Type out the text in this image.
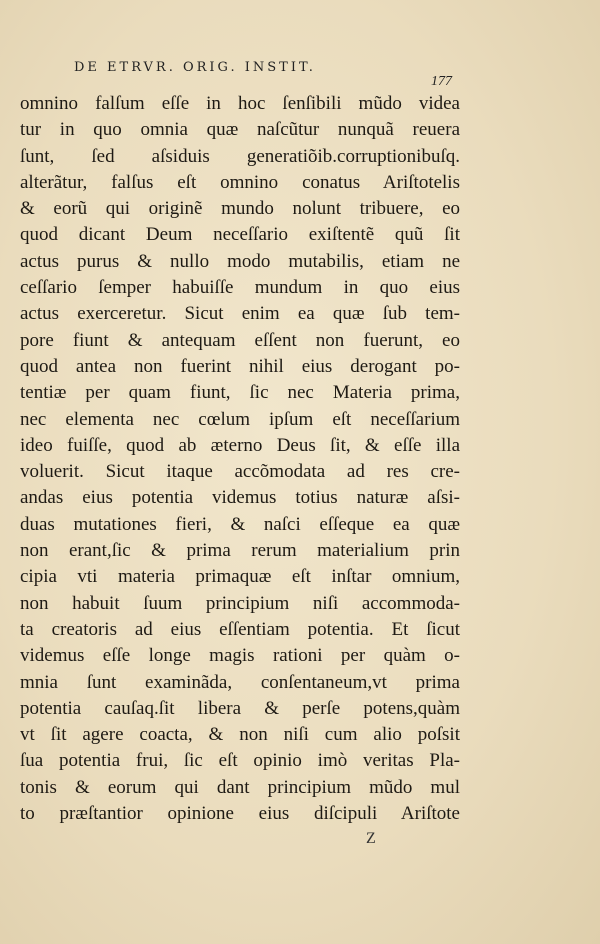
DE ETRVR. ORIG. INSTIT.
177
omnino falſum eſſe in hoc ſenſibili mũdo videa
tur in quo omnia quæ naſcũtur nunquã reuera
ſunt, ſed aſsiduis generatiõib.corruptionibuſq.
alterãtur, falſus eſt omnino conatus Ariſtotelis
& eorũ qui originẽ mundo nolunt tribuere, eo
quod dicant Deum neceſſario exiſtentẽ quũ ſit
actus purus & nullo modo mutabilis, etiam ne
ceſſario ſemper habuiſſe mundum in quo eius
actus exerceretur. Sicut enim ea quæ ſub tem-
pore fiunt & antequam eſſent non fuerunt, eo
quod antea non fuerint nihil eius derogant po-
tentiæ per quam fiunt, ſic nec Materia prima,
nec elementa nec cœlum ipſum eſt neceſſarium
ideo fuiſſe, quod ab æterno Deus ſit, & eſſe illa
voluerit. Sicut itaque accõmodata ad res cre-
andas eius potentia videmus totius naturæ aſsi-
duas mutationes fieri, & naſci eſſeque ea quæ
non erant,ſic & prima rerum materialium prin
cipia vti materia primaquæ eſt inſtar omnium,
non habuit ſuum principium niſi accommoda-
ta creatoris ad eius eſſentiam potentia. Et ſicut
videmus eſſe longe magis rationi per quàm o-
mnia ſunt examinãda, conſentaneum,vt prima
potentia cauſaq.ſit libera & perſe potens,quàm
vt ſit agere coacta, & non niſi cum alio poſsit
ſua potentia frui, ſic eſt opinio imò veritas Pla-
tonis & eorum qui dant principium mũdo mul
to præſtantior opinione eius diſcipuli Ariſtote
Z
